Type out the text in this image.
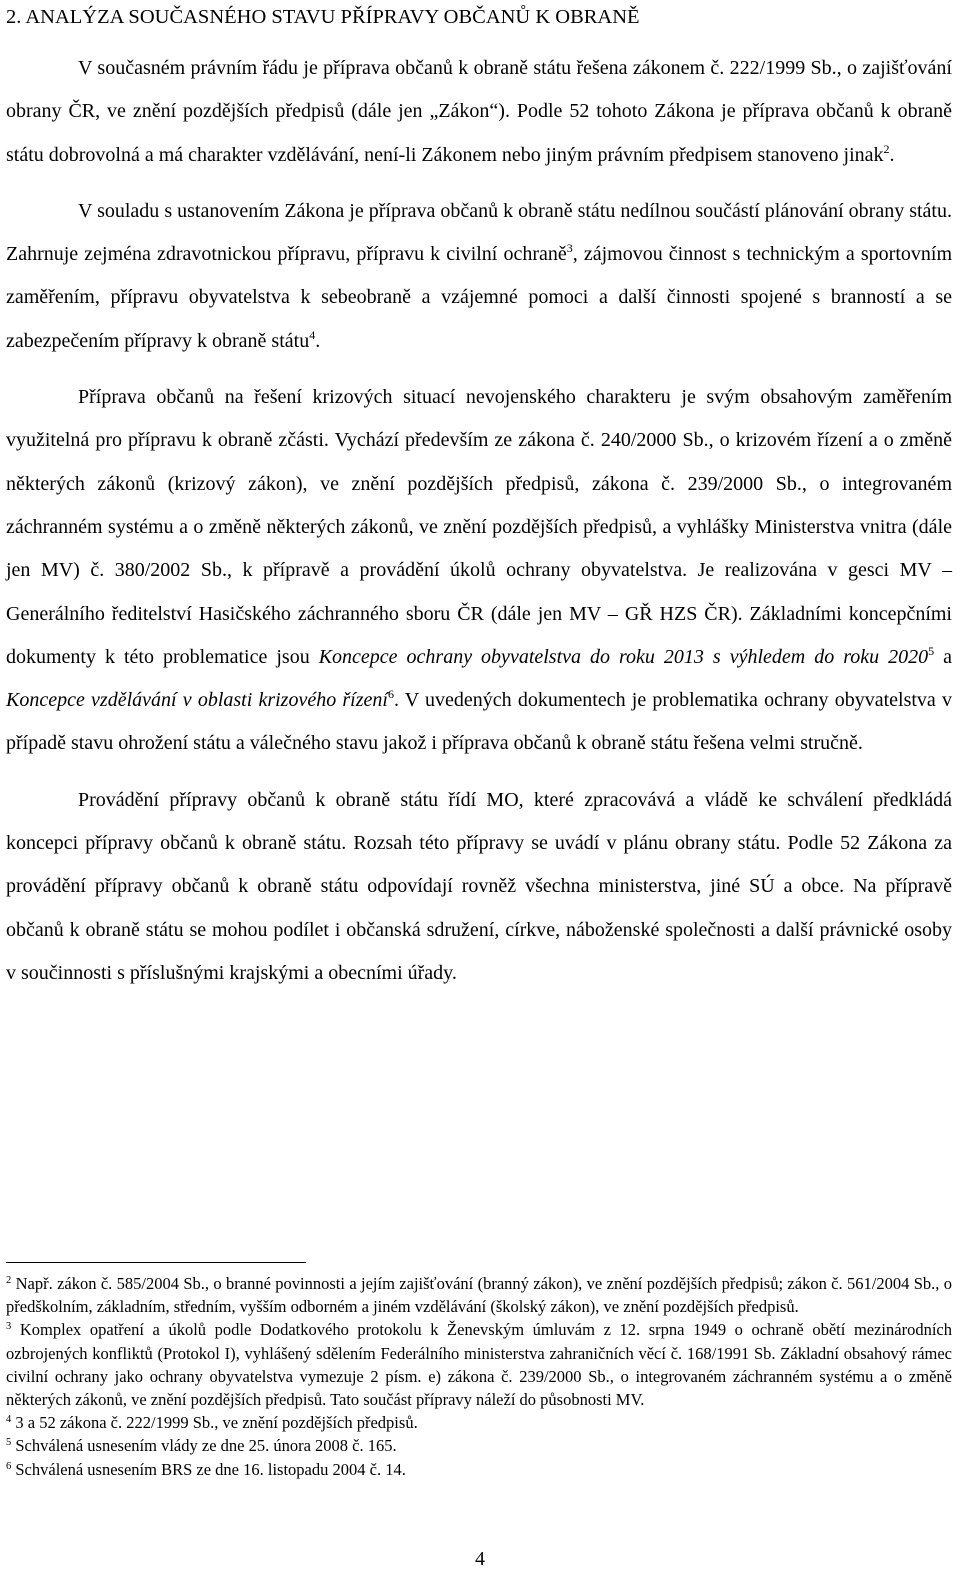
2. ANALÝZA SOUČASNÉHO STAVU PŘÍPRAVY OBČANŮ K OBRANĚ

V současném právním řádu je příprava občanů k obraně státu řešena zákonem č. 222/1999 Sb., o zajišťování obrany ČR, ve znění pozdějších předpisů (dále jen „Zákon“). Podle 52 tohoto Zákona je příprava občanů k obraně státu dobrovolná a má charakter vzdělávání, není-li Zákonem nebo jiným právním předpisem stanoveno jinak$^2$.

V souladu s ustanovením Zákona je příprava občanů k obraně státu nedílnou součástí plánování obrany státu. Zahrnuje zejména zdravotnickou přípravu, přípravu k civilní ochraně$^3$, zájmovou činnost s technickým a sportovním zaměřením, přípravu obyvatelstva k sebeobraně a vzájemné pomoci a další činnosti spojené s branností a se zabezpečením přípravy k obraně státu$^4$.

Příprava občanů na řešení krizových situací nevojenského charakteru je svým obsahovým zaměřením využitelná pro přípravu k obraně zčásti. Vychází především ze zákona č. 240/2000 Sb., o krizovém řízení a o změně některých zákonů (krizový zákon), ve znění pozdějších předpisů, zákona č. 239/2000 Sb., o integrovaném záchranném systému a o změně některých zákonů, ve znění pozdějších předpisů, a vyhlášky Ministerstva vnitra (dále jen MV) č. 380/2002 Sb., k přípravě a provádění úkolů ochrany obyvatelstva. Je realizována v gesci MV – Generálního ředitelství Hasičského záchranného sboru ČR (dále jen MV – GŘ HZS ČR). Základními koncepčními dokumenty k této problematice jsou Koncepce ochrany obyvatelstva do roku 2013 s výhledem do roku 2020$^5$ a Koncepce vzdělávání v oblasti krizového řízení$^6$. V uvedených dokumentech je problematika ochrany obyvatelstva v případě stavu ohrožení státu a válečného stavu jakož i příprava občanů k obraně státu řešena velmi stručně.

Provádění přípravy občanů k obraně státu řídí MO, které zpracovává a vládě ke schválení předkládá koncepci přípravy občanů k obraně státu. Rozsah této přípravy se uvádí v plánu obrany státu. Podle 52 Zákona za provádění přípravy občanů k obraně státu odpovídají rovněž všechna ministerstva, jiné SÚ a obce. Na přípravě občanů k obraně státu se mohou podílet i občanská sdružení, církve, náboženské společnosti a další právnické osoby v součinnosti s příslušnými krajskými a obecními úřady.

$^2$ Např. zákon č. 585/2004 Sb., o branné povinnosti a jejím zajišťování (branný zákon), ve znění pozdějších předpisů; zákon č. 561/2004 Sb., o předškolním, základním, středním, vyšším odborném a jiném vzdělávání (školský zákon), ve znění pozdějších předpisů.

$^3$ Komplex opatření a úkolů podle Dodatkového protokolu k Ženevským úmluvám z 12. srpna 1949 o ochraně obětí mezinárodních ozbrojených konfliktů (Protokol I), vyhlášený sdělením Federálního ministerstva zahraničních věcí č. 168/1991 Sb. Základní obsahový rámec civilní ochrany jako ochrany obyvatelstva vymezuje 2 písm. e) zákona č. 239/2000 Sb., o integrovaném záchranném systému a o změně některých zákonů, ve znění pozdějších předpisů. Tato součást přípravy náleží do působnosti MV.

$^4$ 3 a 52 zákona č. 222/1999 Sb., ve znění pozdějších předpisů.

$^5$ Schválená usnesením vlády ze dne 25. února 2008 č. 165.

$^6$ Schválená usnesením BRS ze dne 16. listopadu 2004 č. 14.

4
